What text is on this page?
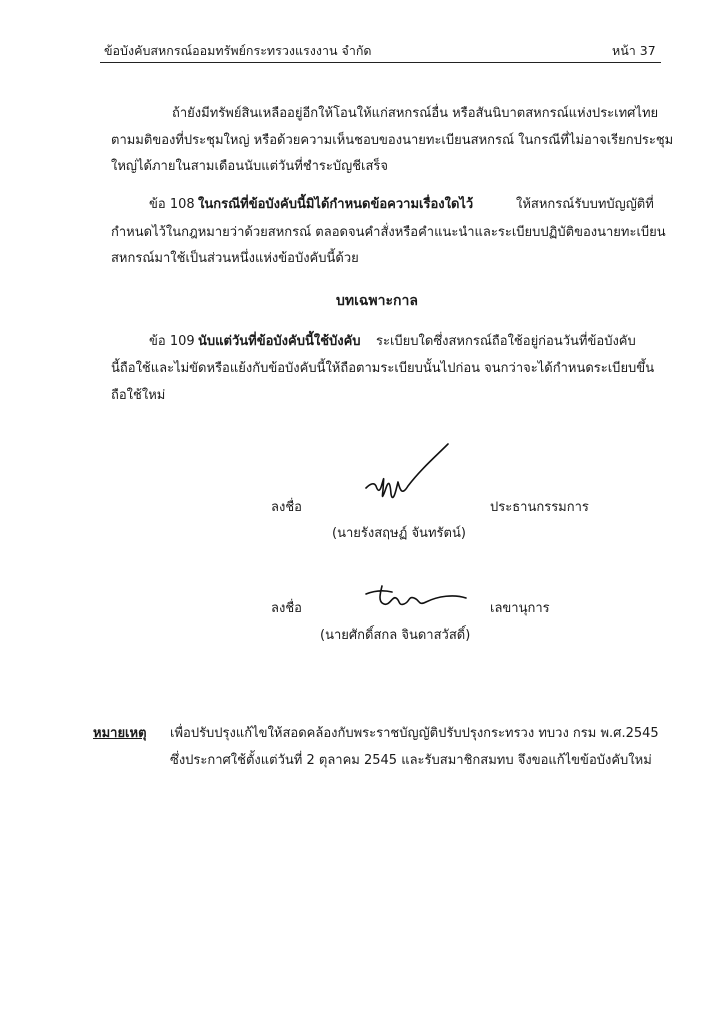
ข้อบังคับสหกรณ์ออมทรัพย์กระทรวงแรงงาน จำกัด	หน้า 37
ถ้ายังมีทรัพย์สินเหลืออยู่อีกให้โอนให้แก่สหกรณ์อื่น หรือสันนิบาตสหกรณ์แห่งประเทศไทย
ตามมติของที่ประชุมใหญ่ หรือด้วยความเห็นชอบของนายทะเบียนสหกรณ์ ในกรณีที่ไม่อาจเรียกประชุม
ใหญ่ได้ภายในสามเดือนนับแต่วันที่ชำระบัญชีเสร็จ
ข้อ 108 ในกรณีที่ข้อบังคับนี้มิได้กำหนดข้อความเรื่องใดไว้	ให้สหกรณ์รับบทบัญญัติที่
กำหนดไว้ในกฎหมายว่าด้วยสหกรณ์ ตลอดจนคำสั่งหรือคำแนะนำและระเบียบปฏิบัติของนายทะเบียน
สหกรณ์มาใช้เป็นส่วนหนึ่งแห่งข้อบังคับนี้ด้วย
บทเฉพาะกาล
ข้อ 109 นับแต่วันที่ข้อบังคับนี้ใช้บังคับ ระเบียบใดซึ่งสหกรณ์ถือใช้อยู่ก่อนวันที่ข้อบังคับ
นี้ถือใช้และไม่ขัดหรือแย้งกับข้อบังคับนี้ให้ถือตามระเบียบนั้นไปก่อน จนกว่าจะได้กำหนดระเบียบขึ้น
ถือใช้ใหม่
ลงชื่อ	ประธานกรรมการ
(นายรังสฤษฏ์ จันทรัตน์)
ลงชื่อ	เลขานุการ
(นายศักดิ์สกล จินดาสวัสดิ์)
หมายเหตุ เพื่อปรับปรุงแก้ไขให้สอดคล้องกับพระราชบัญญัติปรับปรุงกระทรวง ทบวง กรม พ.ศ.2545
ซึ่งประกาศใช้ตั้งแต่วันที่ 2 ตุลาคม 2545 และรับสมาชิกสมทบ จึงขอแก้ไขข้อบังคับใหม่
